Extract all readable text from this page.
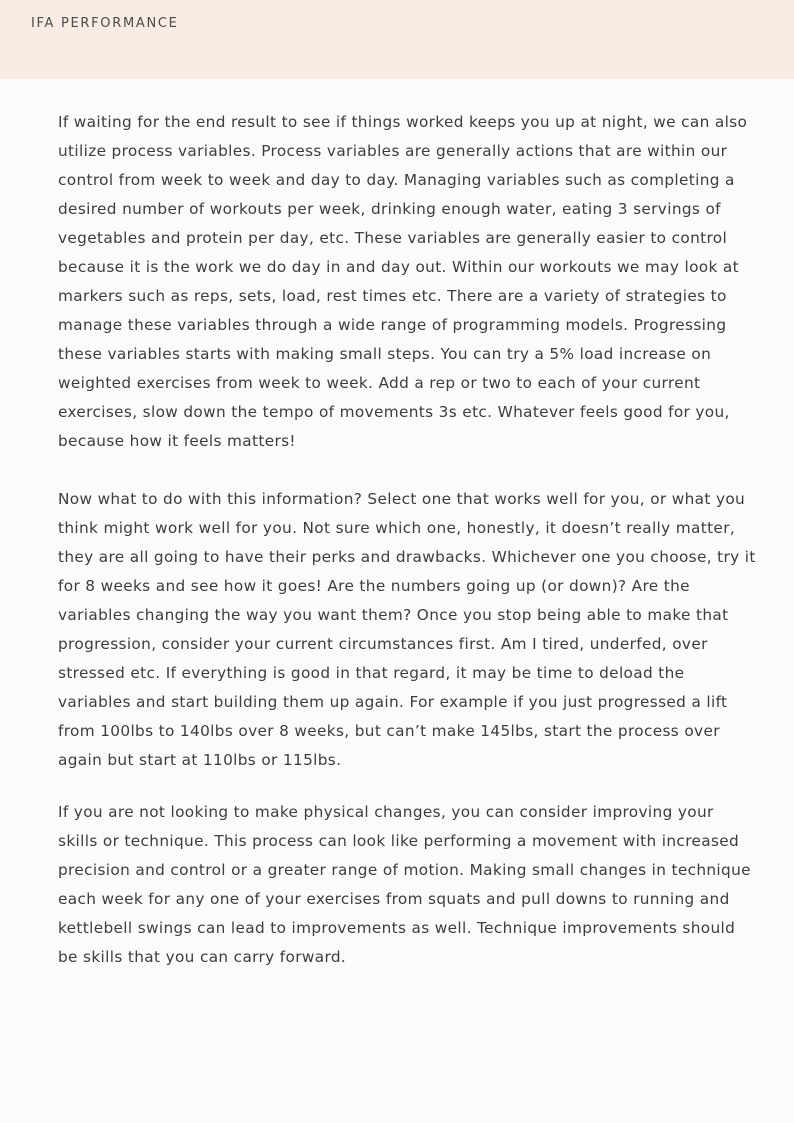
IFA PERFORMANCE

If waiting for the end result to see if things worked keeps you up at night, we can also utilize process variables. Process variables are generally actions that are within our control from week to week and day to day. Managing variables such as completing a desired number of workouts per week, drinking enough water, eating 3 servings of vegetables and protein per day, etc. These variables are generally easier to control because it is the work we do day in and day out. Within our workouts we may look at markers such as reps, sets, load, rest times etc. There are a variety of strategies to manage these variables through a wide range of programming models. Progressing these variables starts with making small steps. You can try a 5% load increase on weighted exercises from week to week. Add a rep or two to each of your current exercises, slow down the tempo of movements 3s etc. Whatever feels good for you, because how it feels matters!

Now what to do with this information? Select one that works well for you, or what you think might work well for you. Not sure which one, honestly, it doesn’t really matter, they are all going to have their perks and drawbacks. Whichever one you choose, try it for 8 weeks and see how it goes! Are the numbers going up (or down)? Are the variables changing the way you want them? Once you stop being able to make that progression, consider your current circumstances first. Am I tired, underfed, over stressed etc. If everything is good in that regard, it may be time to deload the variables and start building them up again. For example if you just progressed a lift from 100lbs to 140lbs over 8 weeks, but can’t make 145lbs, start the process over again but start at 110lbs or 115lbs.

If you are not looking to make physical changes, you can consider improving your skills or technique. This process can look like performing a movement with increased precision and control or a greater range of motion. Making small changes in technique each week for any one of your exercises from squats and pull downs to running and kettlebell swings can lead to improvements as well. Technique improvements should be skills that you can carry forward.
